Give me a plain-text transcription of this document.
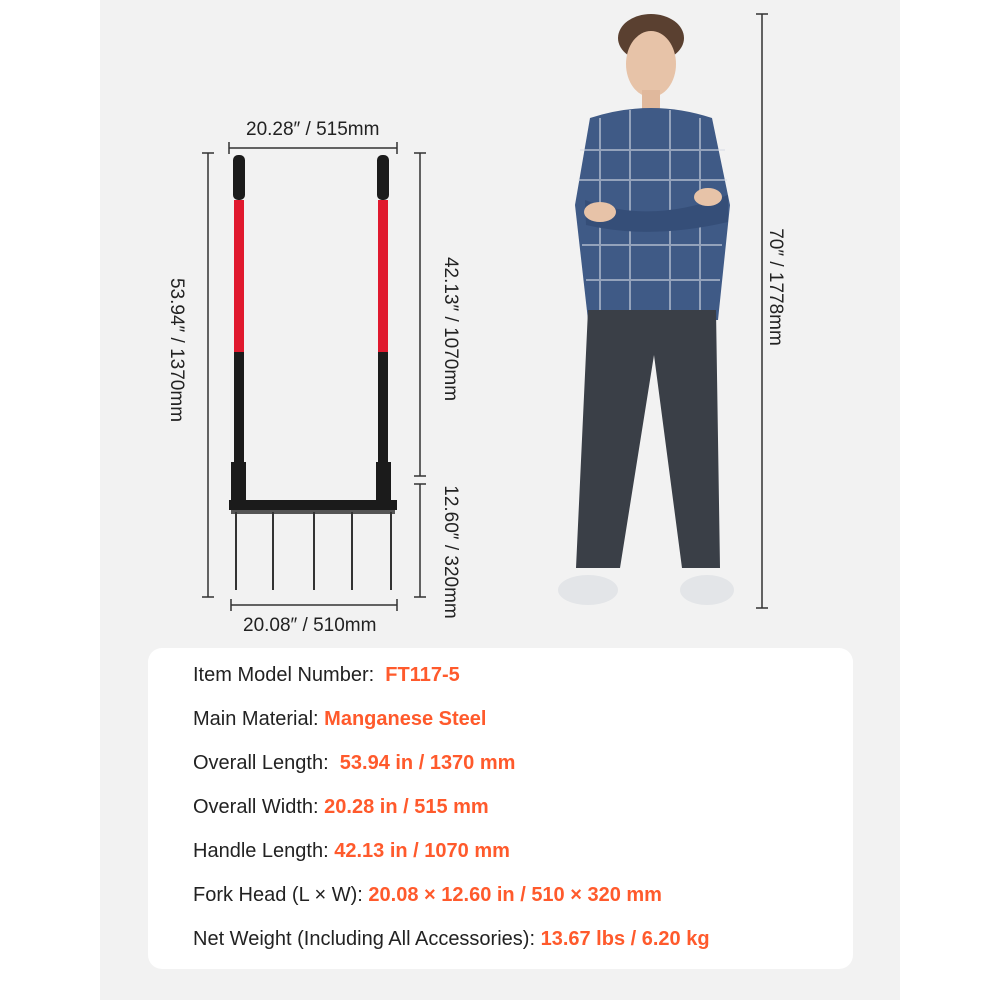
20.28″ / 515mm
53.94″ / 1370mm	42.13″ / 1070mm
12.60″ / 320mm
20.08″ / 510mm
70″ / 1778mm
Item Model Number: FT117-5
Main Material: Manganese Steel
Overall Length: 53.94 in / 1370 mm
Overall Width: 20.28 in / 515 mm
Handle Length: 42.13 in / 1070 mm
Fork Head (L × W): 20.08 × 12.60 in / 510 × 320 mm
Net Weight (Including All Accessories): 13.67 lbs / 6.20 kg
